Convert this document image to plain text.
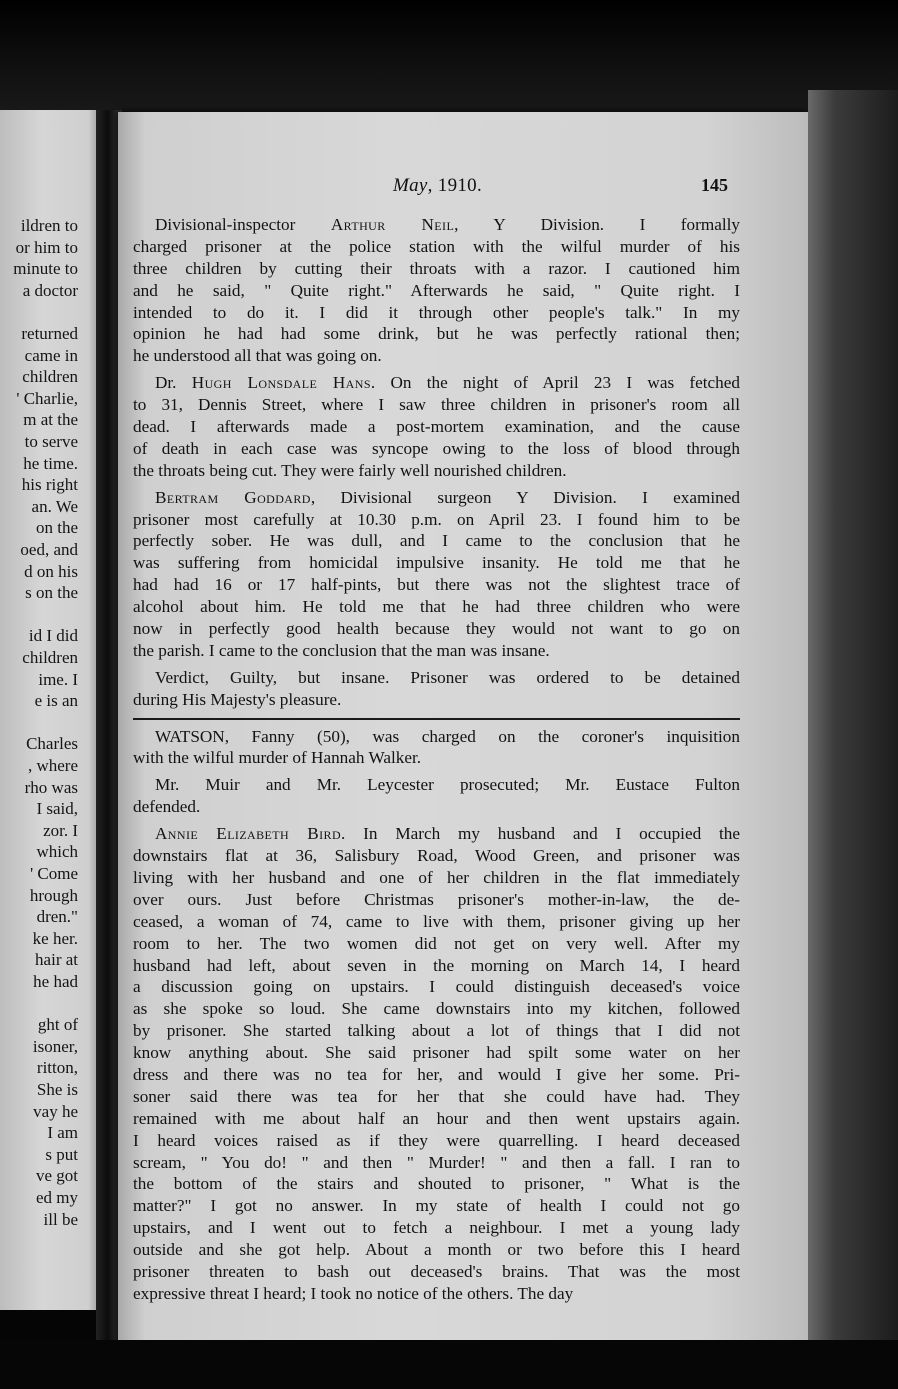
ildren to
or him to
minute to
a doctor
returned
came in
children
' Charlie,
m at the
to serve
he time.
his right
an. We
on the
oed, and
d on his
s on the
id I did
children
ime. I
e is an
Charles
, where
rho was
I said,
zor. I
which
' Come
hrough
dren."
ke her.
hair at
he had
ght of
isoner,
ritton,
She is
vay he
I am
s put
ve got
ed my
ill be
May, 1910.	145
Divisional-inspector Arthur Neil, Y Division. I formally
charged prisoner at the police station with the wilful murder of his
three children by cutting their throats with a razor. I cautioned him
and he said, " Quite right." Afterwards he said, " Quite right. I
intended to do it. I did it through other people's talk." In my
opinion he had had some drink, but he was perfectly rational then;
he understood all that was going on.
Dr. Hugh Lonsdale Hans. On the night of April 23 I was fetched
to 31, Dennis Street, where I saw three children in prisoner's room all
dead. I afterwards made a post-mortem examination, and the cause
of death in each case was syncope owing to the loss of blood through
the throats being cut. They were fairly well nourished children.
Bertram Goddard, Divisional surgeon Y Division. I examined
prisoner most carefully at 10.30 p.m. on April 23. I found him to be
perfectly sober. He was dull, and I came to the conclusion that he
was suffering from homicidal impulsive insanity. He told me that he
had had 16 or 17 half-pints, but there was not the slightest trace of
alcohol about him. He told me that he had three children who were
now in perfectly good health because they would not want to go on
the parish. I came to the conclusion that the man was insane.
Verdict, Guilty, but insane. Prisoner was ordered to be detained
during His Majesty's pleasure.
WATSON, Fanny (50), was charged on the coroner's inquisition
with the wilful murder of Hannah Walker.
Mr. Muir and Mr. Leycester prosecuted; Mr. Eustace Fulton
defended.
Annie Elizabeth Bird. In March my husband and I occupied the
downstairs flat at 36, Salisbury Road, Wood Green, and prisoner was
living with her husband and one of her children in the flat immediately
over ours. Just before Christmas prisoner's mother-in-law, the de-
ceased, a woman of 74, came to live with them, prisoner giving up her
room to her. The two women did not get on very well. After my
husband had left, about seven in the morning on March 14, I heard
a discussion going on upstairs. I could distinguish deceased's voice
as she spoke so loud. She came downstairs into my kitchen, followed
by prisoner. She started talking about a lot of things that I did not
know anything about. She said prisoner had spilt some water on her
dress and there was no tea for her, and would I give her some. Pri-
soner said there was tea for her that she could have had. They
remained with me about half an hour and then went upstairs again.
I heard voices raised as if they were quarrelling. I heard deceased
scream, " You do! " and then " Murder! " and then a fall. I ran to
the bottom of the stairs and shouted to prisoner, " What is the
matter?" I got no answer. In my state of health I could not go
upstairs, and I went out to fetch a neighbour. I met a young lady
outside and she got help. About a month or two before this I heard
prisoner threaten to bash out deceased's brains. That was the most
expressive threat I heard; I took no notice of the others. The day
